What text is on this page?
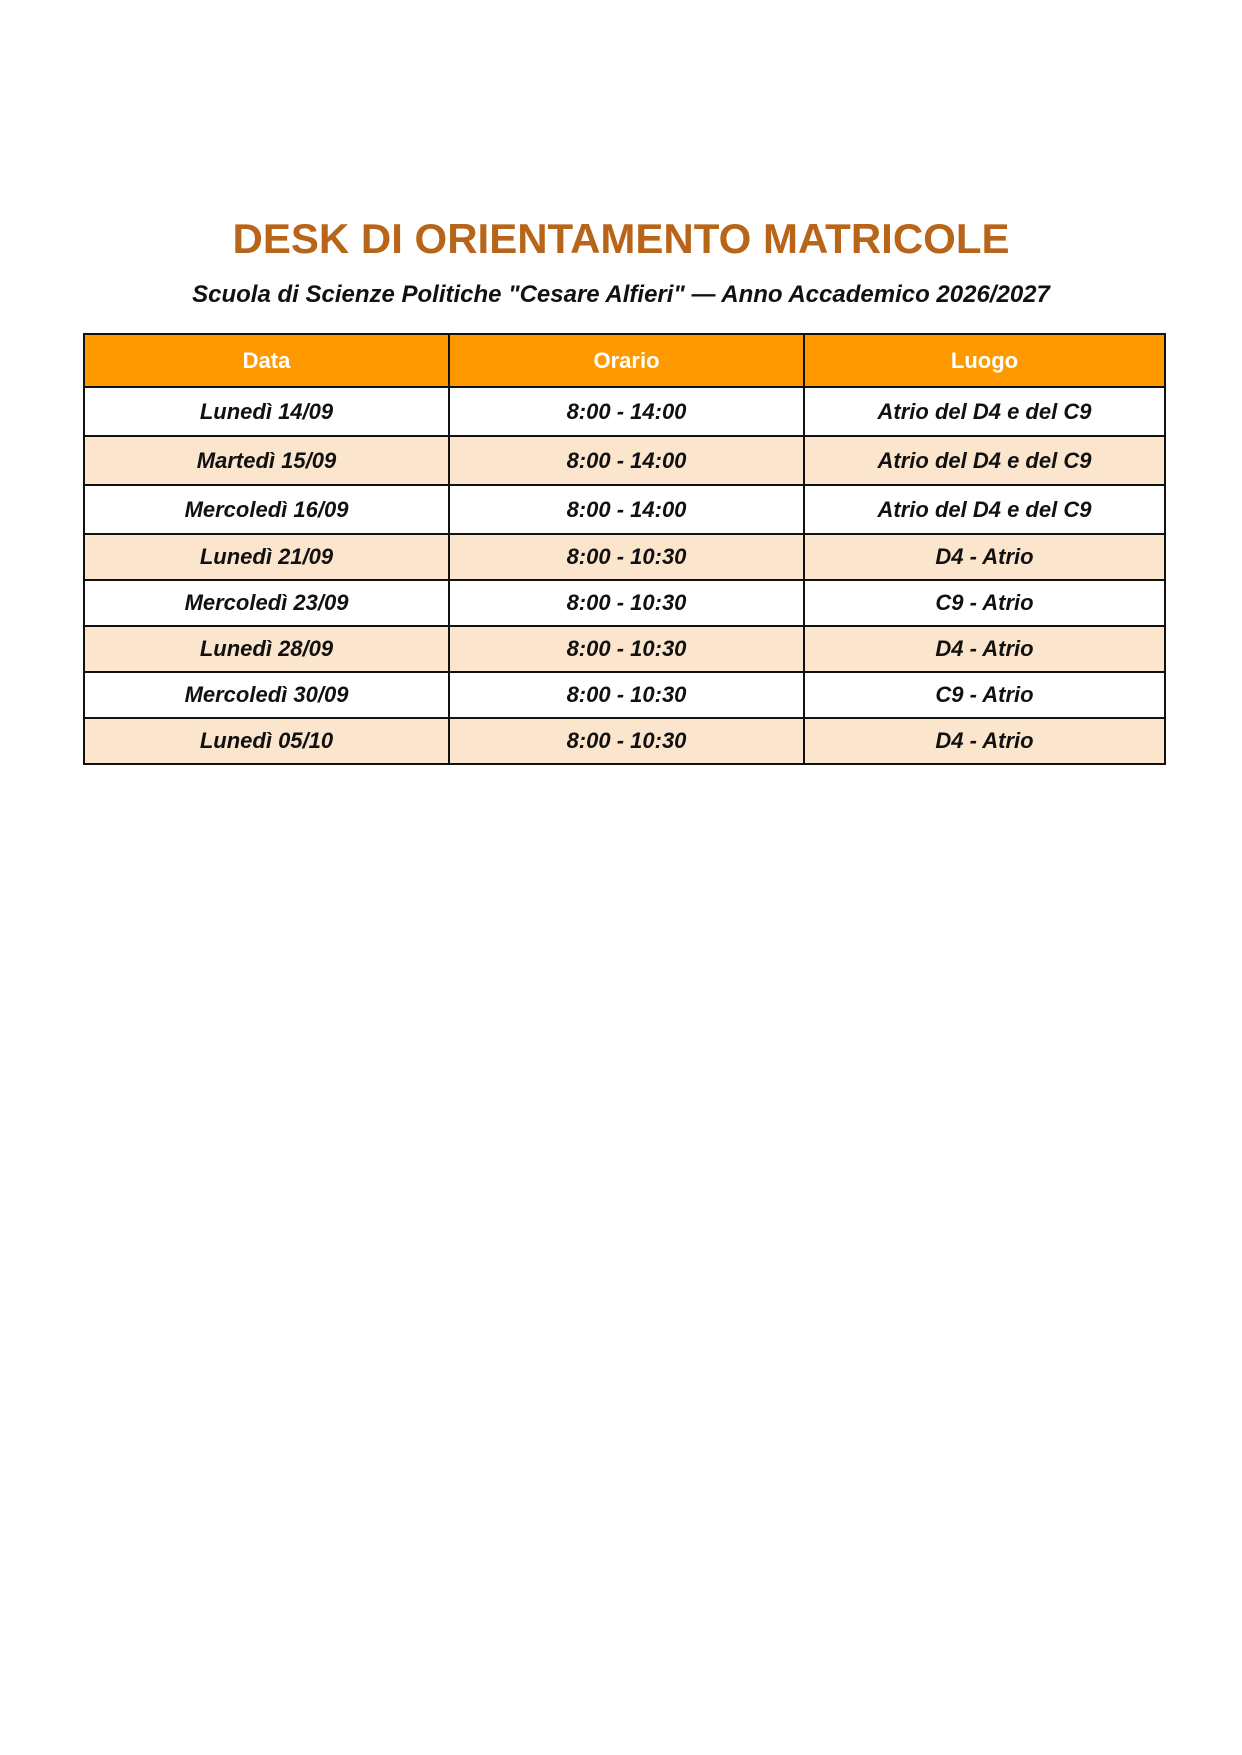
DESK DI ORIENTAMENTO MATRICOLE

Scuola di Scienze Politiche "Cesare Alfieri" — Anno Accademico 2026/2027

Data	Orario	Luogo
Lunedì 14/09	8:00 - 14:00	Atrio del D4 e del C9
Martedì 15/09	8:00 - 14:00	Atrio del D4 e del C9
Mercoledì 16/09	8:00 - 14:00	Atrio del D4 e del C9
Lunedì 21/09	8:00 - 10:30	D4 - Atrio
Mercoledì 23/09	8:00 - 10:30	C9 - Atrio
Lunedì 28/09	8:00 - 10:30	D4 - Atrio
Mercoledì 30/09	8:00 - 10:30	C9 - Atrio
Lunedì 05/10	8:00 - 10:30	D4 - Atrio
